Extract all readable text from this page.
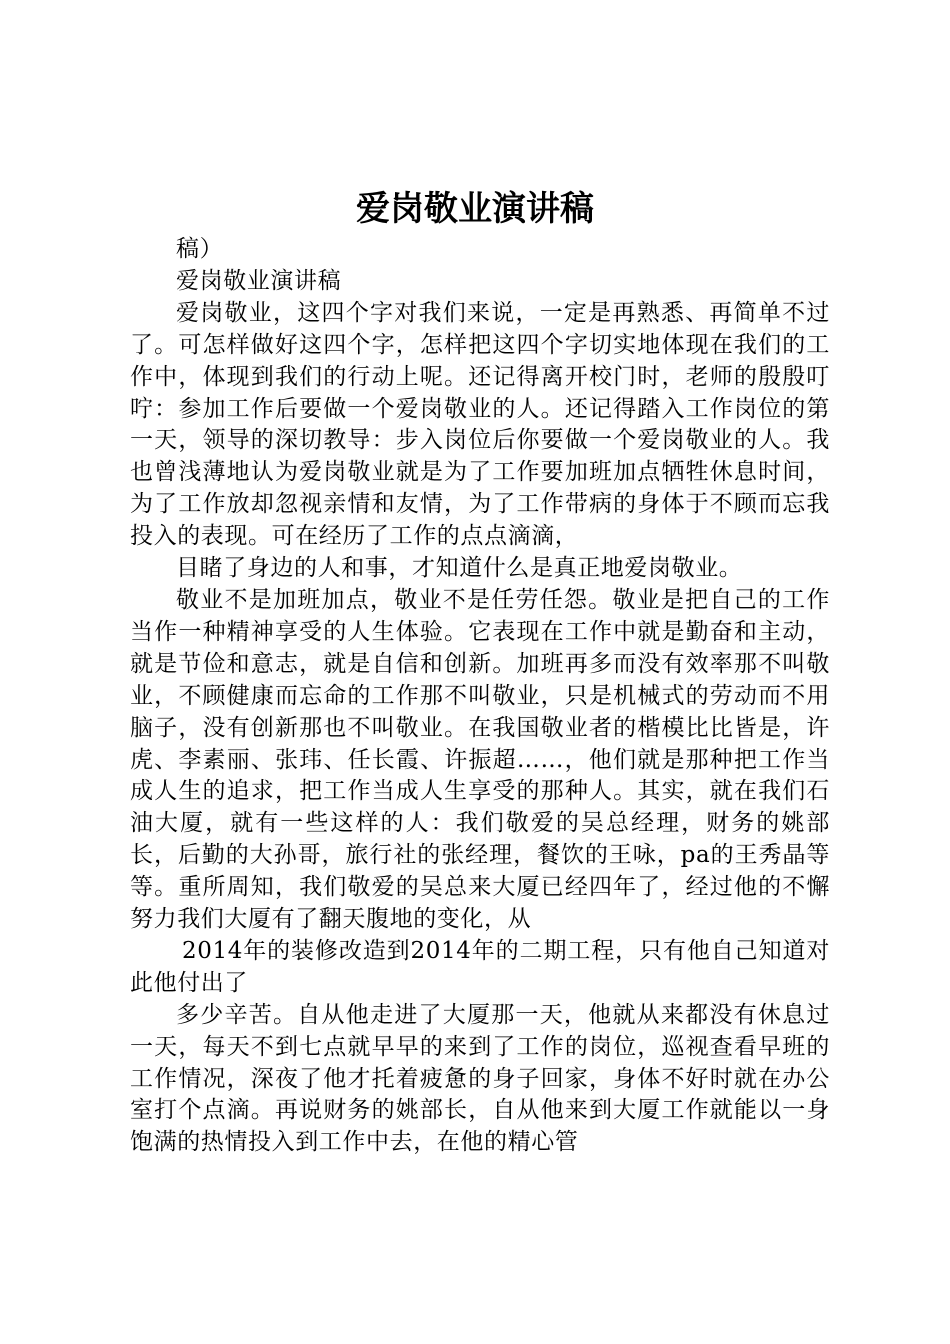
爱岗敬业演讲稿

稿）

爱岗敬业演讲稿

爱岗敬业，这四个字对我们来说，一定是再熟悉、再简单不过了。可怎样做好这四个字，怎样把这四个字切实地体现在我们的工作中，体现到我们的行动上呢。还记得离开校门时，老师的殷殷叮咛：参加工作后要做一个爱岗敬业的人。还记得踏入工作岗位的第一天，领导的深切教导：步入岗位后你要做一个爱岗敬业的人。我也曾浅薄地认为爱岗敬业就是为了工作要加班加点牺牲休息时间，为了工作放却忽视亲情和友情，为了工作带病的身体于不顾而忘我投入的表现。可在经历了工作的点点滴滴，

目睹了身边的人和事，才知道什么是真正地爱岗敬业。

敬业不是加班加点，敬业不是任劳任怨。敬业是把自己的工作当作一种精神享受的人生体验。它表现在工作中就是勤奋和主动，就是节俭和意志，就是自信和创新。加班再多而没有效率那不叫敬业，不顾健康而忘命的工作那不叫敬业，只是机械式的劳动而不用脑子，没有创新那也不叫敬业。在我国敬业者的楷模比比皆是，许虎、李素丽、张玮、任长霞、许振超……，他们就是那种把工作当成人生的追求，把工作当成人生享受的那种人。其实，就在我们石油大厦，就有一些这样的人：我们敬爱的吴总经理，财务的姚部长，后勤的大孙哥，旅行社的张经理，餐饮的王咏，pa的王秀晶等等。重所周知，我们敬爱的吴总来大厦已经四年了，经过他的不懈努力我们大厦有了翻天腹地的变化，从

2014年的装修改造到2014年的二期工程，只有他自己知道对此他付出了

多少辛苦。自从他走进了大厦那一天，他就从来都没有休息过一天，每天不到七点就早早的来到了工作的岗位，巡视查看早班的工作情况，深夜了他才托着疲惫的身子回家，身体不好时就在办公室打个点滴。再说财务的姚部长，自从他来到大厦工作就能以一身饱满的热情投入到工作中去，在他的精心管
